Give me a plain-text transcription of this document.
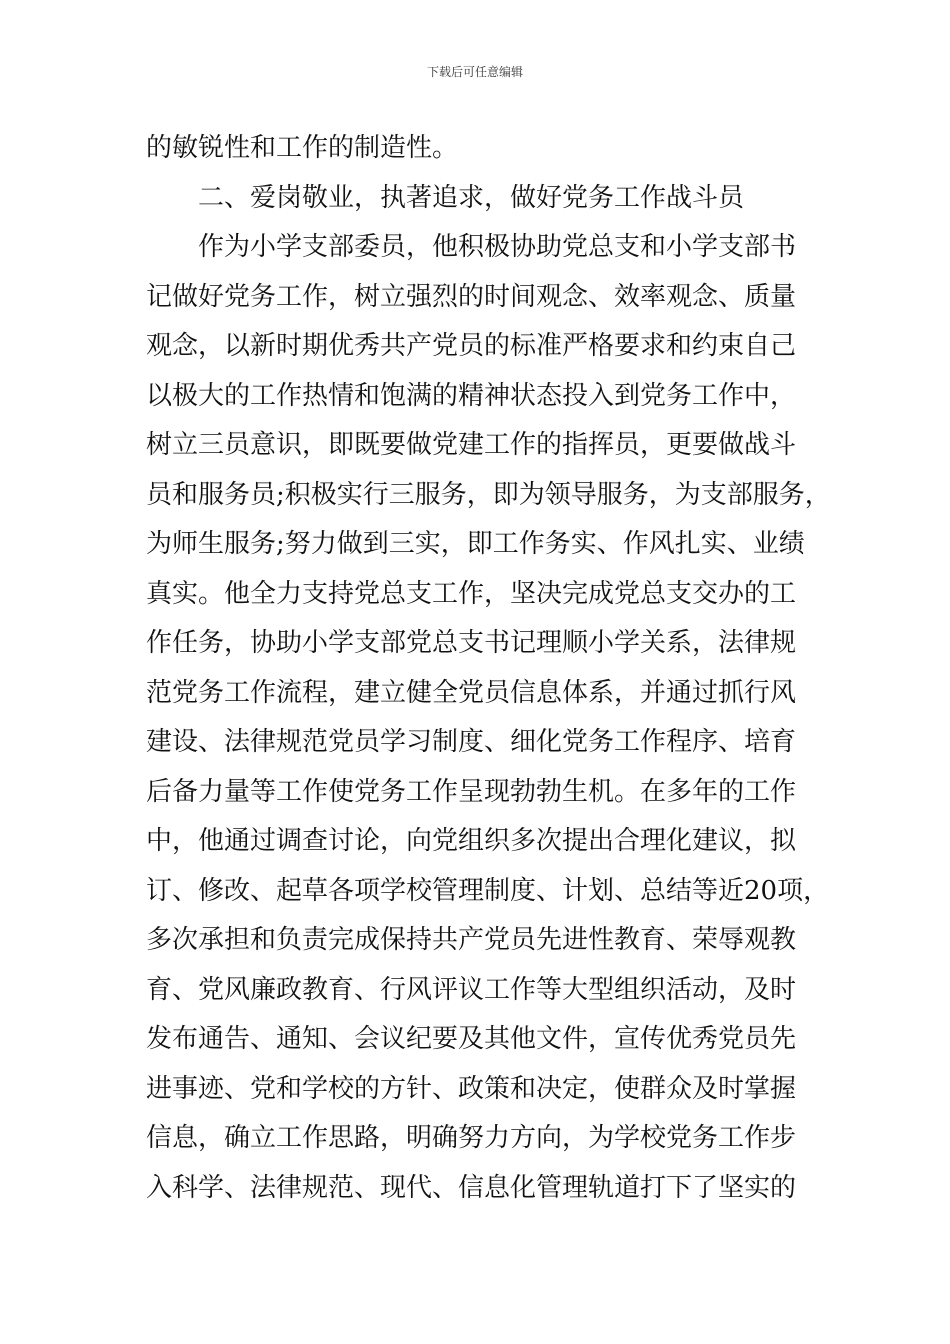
下载后可任意编辑
的敏锐性和工作的制造性。
二、爱岗敬业，执著追求，做好党务工作战斗员
作为小学支部委员，他积极协助党总支和小学支部书
记做好党务工作，树立强烈的时间观念、效率观念、质量
观念，以新时期优秀共产党员的标准严格要求和约束自己
以极大的工作热情和饱满的精神状态投入到党务工作中，
树立三员意识，即既要做党建工作的指挥员，更要做战斗
员和服务员;积极实行三服务，即为领导服务，为支部服务，
为师生服务;努力做到三实，即工作务实、作风扎实、业绩
真实。他全力支持党总支工作，坚决完成党总支交办的工
作任务，协助小学支部党总支书记理顺小学关系，法律规
范党务工作流程，建立健全党员信息体系，并通过抓行风
建设、法律规范党员学习制度、细化党务工作程序、培育
后备力量等工作使党务工作呈现勃勃生机。在多年的工作
中，他通过调查讨论，向党组织多次提出合理化建议，拟
订、修改、起草各项学校管理制度、计划、总结等近20项，
多次承担和负责完成保持共产党员先进性教育、荣辱观教
育、党风廉政教育、行风评议工作等大型组织活动，及时
发布通告、通知、会议纪要及其他文件，宣传优秀党员先
进事迹、党和学校的方针、政策和决定，使群众及时掌握
信息，确立工作思路，明确努力方向，为学校党务工作步
入科学、法律规范、现代、信息化管理轨道打下了坚实的
